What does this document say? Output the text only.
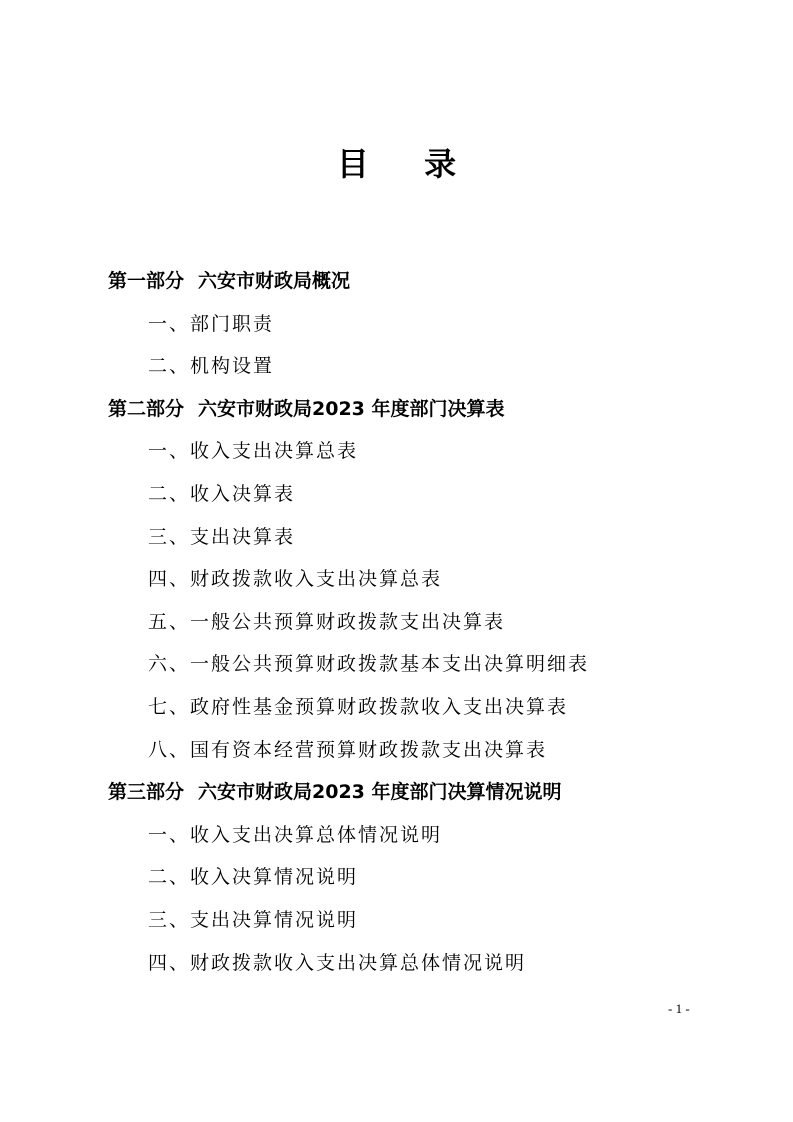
目 录
第一部分 六安市财政局概况
一、部门职责
二、机构设置
第二部分 六安市财政局2023 年度部门决算表
一、收入支出决算总表
二、收入决算表
三、支出决算表
四、财政拨款收入支出决算总表
五、一般公共预算财政拨款支出决算表
六、一般公共预算财政拨款基本支出决算明细表
七、政府性基金预算财政拨款收入支出决算表
八、国有资本经营预算财政拨款支出决算表
第三部分 六安市财政局2023 年度部门决算情况说明
一、收入支出决算总体情况说明
二、收入决算情况说明
三、支出决算情况说明
四、财政拨款收入支出决算总体情况说明
- 1 -
